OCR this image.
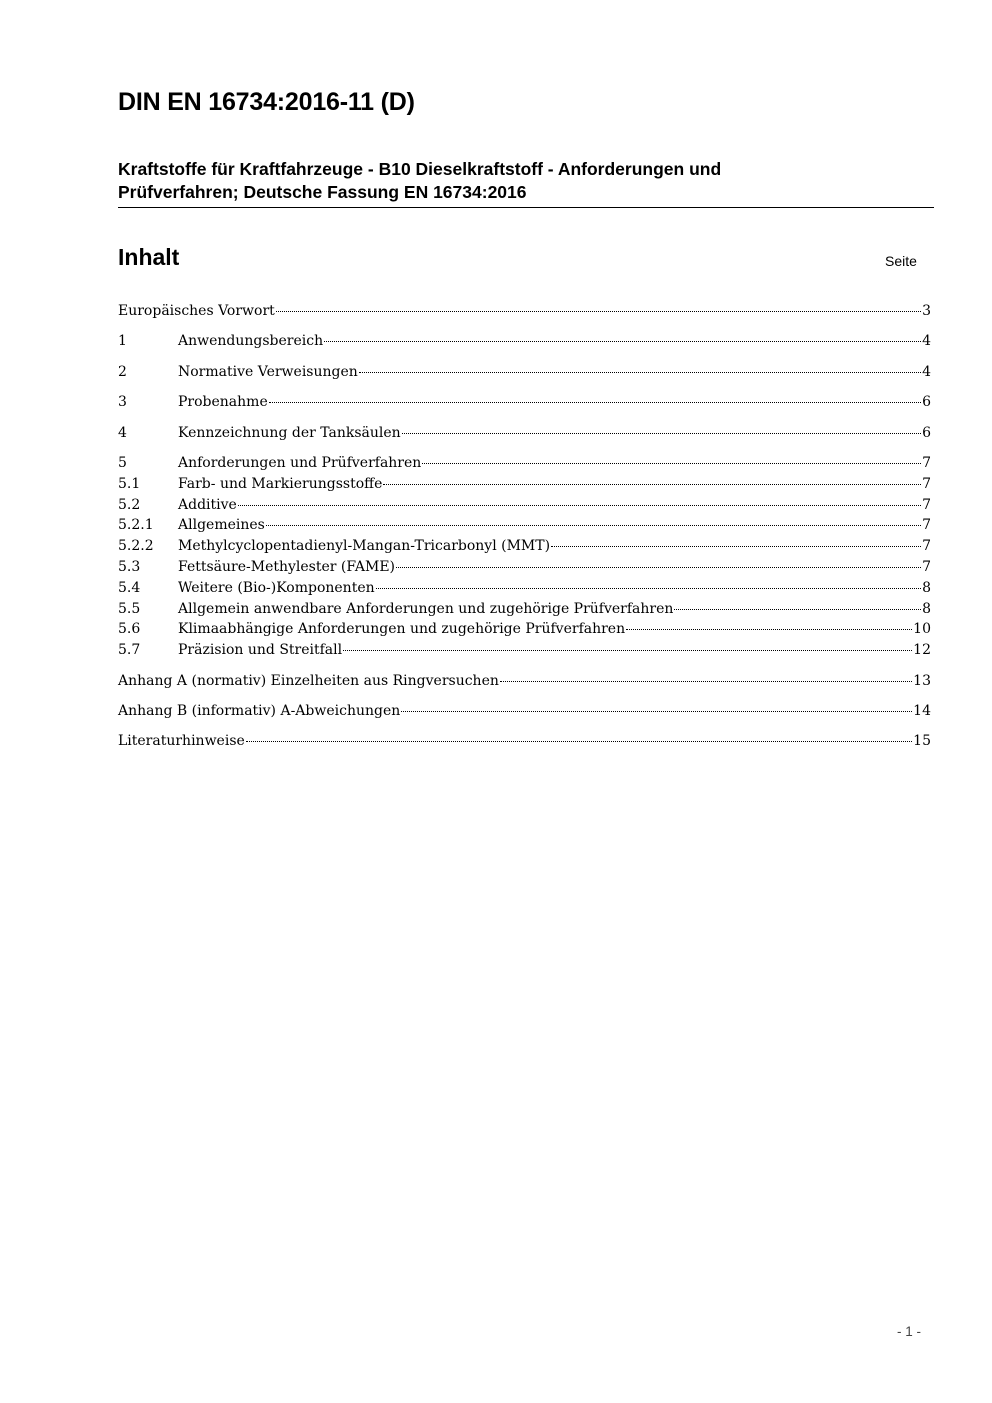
DIN EN 16734:2016-11 (D)
Kraftstoffe für Kraftfahrzeuge - B10 Dieselkraftstoff - Anforderungen und
Prüfverfahren; Deutsche Fassung EN 16734:2016
Inhalt	Seite
Europäisches Vorwort	3
1	Anwendungsbereich	4
2	Normative Verweisungen	4
3	Probenahme	6
4	Kennzeichnung der Tanksäulen	6
5	Anforderungen und Prüfverfahren	7
5.1	Farb- und Markierungsstoffe	7
5.2	Additive	7
5.2.1	Allgemeines	7
5.2.2	Methylcyclopentadienyl-Mangan-Tricarbonyl (MMT)	7
5.3	Fettsäure-Methylester (FAME)	7
5.4	Weitere (Bio-)Komponenten	8
5.5	Allgemein anwendbare Anforderungen und zugehörige Prüfverfahren	8
5.6	Klimaabhängige Anforderungen und zugehörige Prüfverfahren	10
5.7	Präzision und Streitfall	12
Anhang A (normativ) Einzelheiten aus Ringversuchen	13
Anhang B (informativ) A-Abweichungen	14
Literaturhinweise	15
- 1 -
